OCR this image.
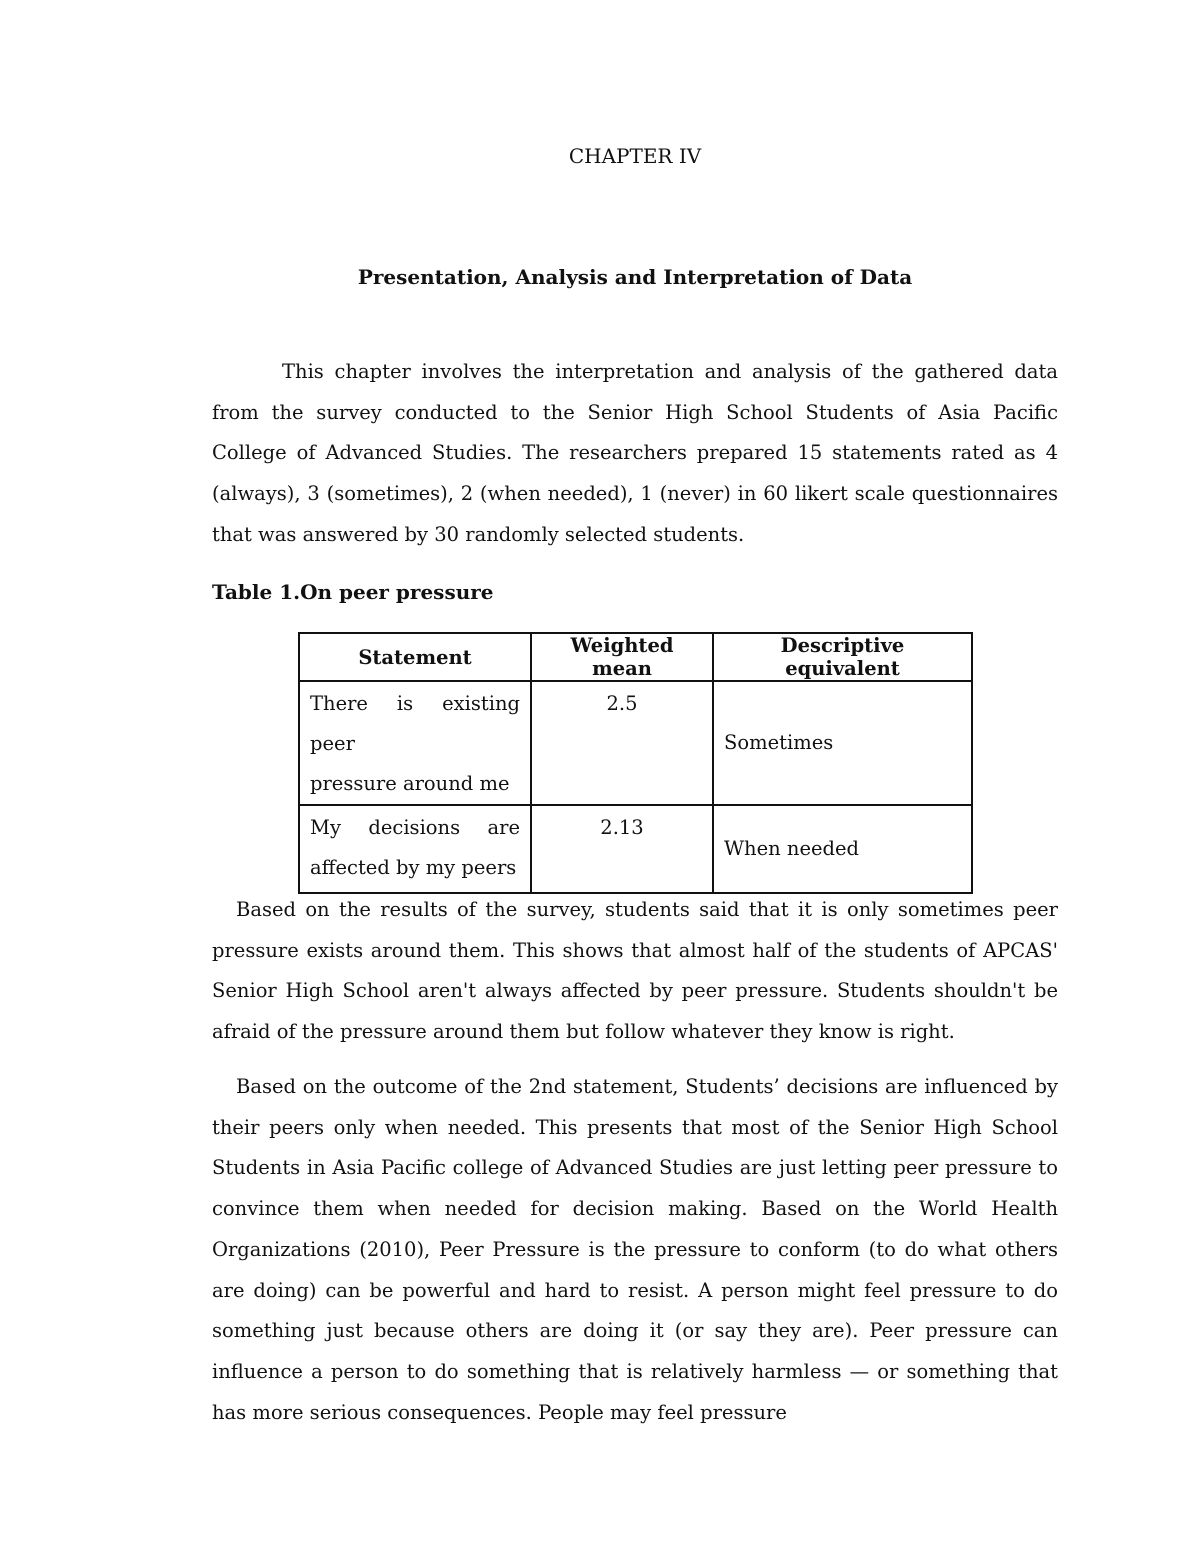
CHAPTER IV
Presentation, Analysis and Interpretation of Data

This chapter involves the interpretation and analysis of the gathered data from the survey conducted to the Senior High School Students of Asia Pacific College of Advanced Studies. The researchers prepared 15 statements rated as 4 (always), 3 (sometimes), 2 (when needed), 1 (never) in 60 likert scale questionnaires that was answered by 30 randomly selected students.

Table 1.On peer pressure
Statement	Weighted mean	Descriptive equivalent

There is existing peer
pressure around me	2.5	Sometimes

My decisions are
affected by my peers	2.13	When needed

Based on the results of the survey, students said that it is only sometimes peer pressure exists around them. This shows that almost half of the students of APCAS' Senior High School aren't always affected by peer pressure. Students shouldn't be afraid of the pressure around them but follow whatever they know is right.

Based on the outcome of the 2nd statement, Students’ decisions are influenced by their peers only when needed. This presents that most of the Senior High School Students in Asia Pacific college of Advanced Studies are just letting peer pressure to convince them when needed for decision making. Based on the World Health Organizations (2010), Peer Pressure is the pressure to conform (to do what others are doing) can be powerful and hard to resist. A person might feel pressure to do something just because others are doing it (or say they are). Peer pressure can influence a person to do something that is relatively harmless — or something that has more serious consequences. People may feel pressure
